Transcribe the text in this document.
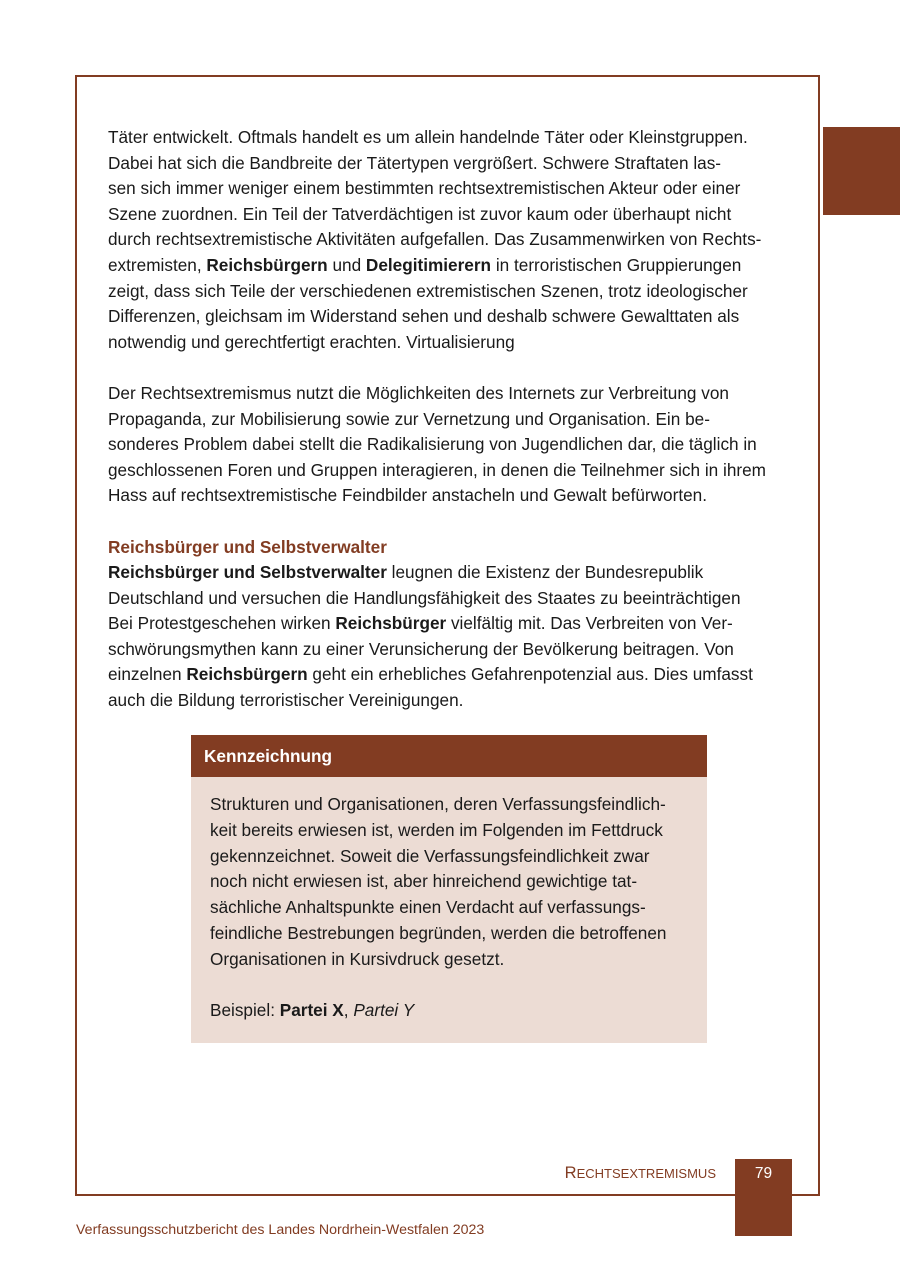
Täter entwickelt. Oftmals handelt es um allein handelnde Täter oder Kleinstgruppen.
Dabei hat sich die Bandbreite der Tätertypen vergrößert. Schwere Straftaten las-
sen sich immer weniger einem bestimmten rechtsextremistischen Akteur oder einer
Szene zuordnen. Ein Teil der Tatverdächtigen ist zuvor kaum oder überhaupt nicht
durch rechtsextremistische Aktivitäten aufgefallen. Das Zusammenwirken von Rechts-
extremisten, Reichsbürgern und Delegitimierern in terroristischen Gruppierungen
zeigt, dass sich Teile der verschiedenen extremistischen Szenen, trotz ideologischer
Differenzen, gleichsam im Widerstand sehen und deshalb schwere Gewalttaten als
notwendig und gerechtfertigt erachten. Virtualisierung

Der Rechtsextremismus nutzt die Möglichkeiten des Internets zur Verbreitung von
Propaganda, zur Mobilisierung sowie zur Vernetzung und Organisation. Ein be-
sonderes Problem dabei stellt die Radikalisierung von Jugendlichen dar, die täglich in
geschlossenen Foren und Gruppen interagieren, in denen die Teilnehmer sich in ihrem
Hass auf rechtsextremistische Feindbilder anstacheln und Gewalt befürworten.

Reichsbürger und Selbstverwalter

Reichsbürger und Selbstverwalter leugnen die Existenz der Bundesrepublik
Deutschland und versuchen die Handlungsfähigkeit des Staates zu beeinträchtigen
Bei Protestgeschehen wirken Reichsbürger vielfältig mit. Das Verbreiten von Ver-
schwörungsmythen kann zu einer Verunsicherung der Bevölkerung beitragen. Von
einzelnen Reichsbürgern geht ein erhebliches Gefahrenpotenzial aus. Dies umfasst
auch die Bildung terroristischer Vereinigungen.

Kennzeichnung
Strukturen und Organisationen, deren Verfassungsfeindlich-
keit bereits erwiesen ist, werden im Folgenden im Fettdruck
gekennzeichnet. Soweit die Verfassungsfeindlichkeit zwar
noch nicht erwiesen ist, aber hinreichend gewichtige tat-
sächliche Anhaltspunkte einen Verdacht auf verfassungs-
feindliche Bestrebungen begründen, werden die betroffenen
Organisationen in Kursivdruck gesetzt.
Beispiel: Partei X, Partei Y
RECHTSEXTREMISMUS	79
Verfassungsschutzbericht des Landes Nordrhein-Westfalen 2023
